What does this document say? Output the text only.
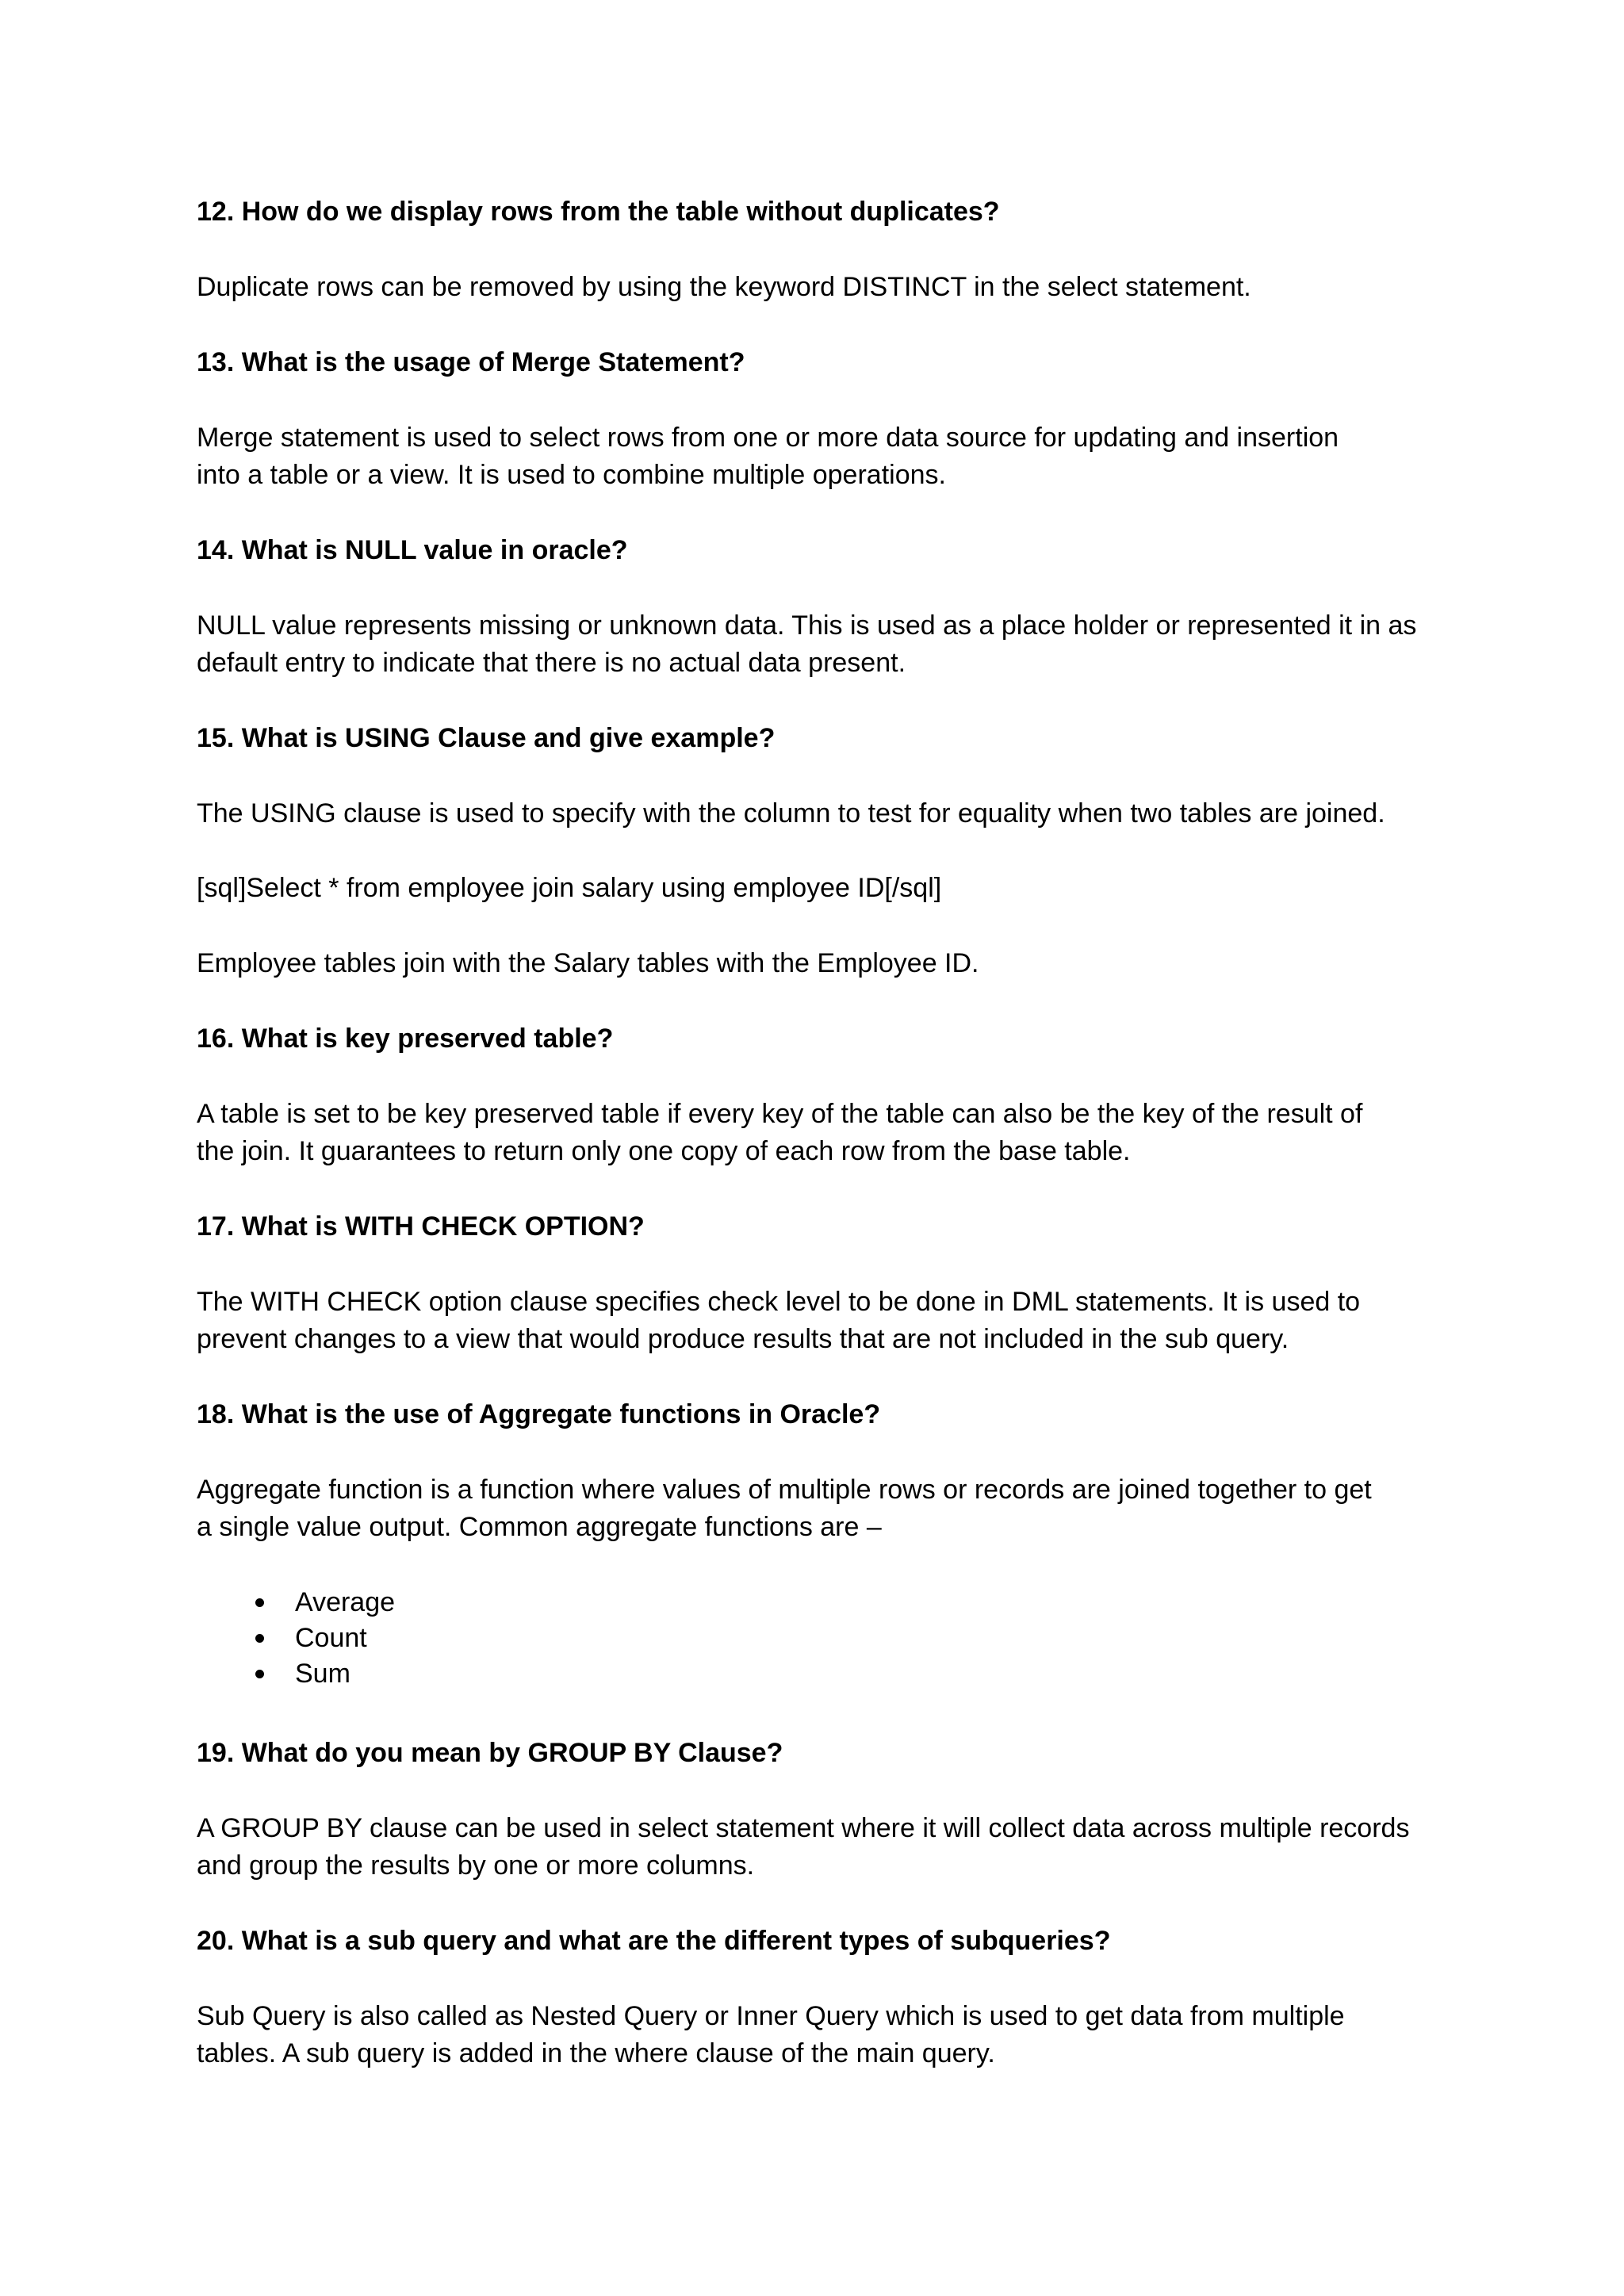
12. How do we display rows from the table without duplicates?
Duplicate rows can be removed by using the keyword DISTINCT in the select statement.
13. What is the usage of Merge Statement?
Merge statement is used to select rows from one or more data source for updating and insertion
into a table or a view. It is used to combine multiple operations.
14. What is NULL value in oracle?
NULL value represents missing or unknown data. This is used as a place holder or represented it in as
default entry to indicate that there is no actual data present.
15. What is USING Clause and give example?
The USING clause is used to specify with the column to test for equality when two tables are joined.
[sql]Select * from employee join salary using employee ID[/sql]
Employee tables join with the Salary tables with the Employee ID.
16. What is key preserved table?
A table is set to be key preserved table if every key of the table can also be the key of the result of
the join. It guarantees to return only one copy of each row from the base table.
17. What is WITH CHECK OPTION?
The WITH CHECK option clause specifies check level to be done in DML statements. It is used to
prevent changes to a view that would produce results that are not included in the sub query.
18. What is the use of Aggregate functions in Oracle?
Aggregate function is a function where values of multiple rows or records are joined together to get
a single value output. Common aggregate functions are –
Average
Count
Sum
19. What do you mean by GROUP BY Clause?
A GROUP BY clause can be used in select statement where it will collect data across multiple records
and group the results by one or more columns.
20. What is a sub query and what are the different types of subqueries?
Sub Query is also called as Nested Query or Inner Query which is used to get data from multiple
tables. A sub query is added in the where clause of the main query.
